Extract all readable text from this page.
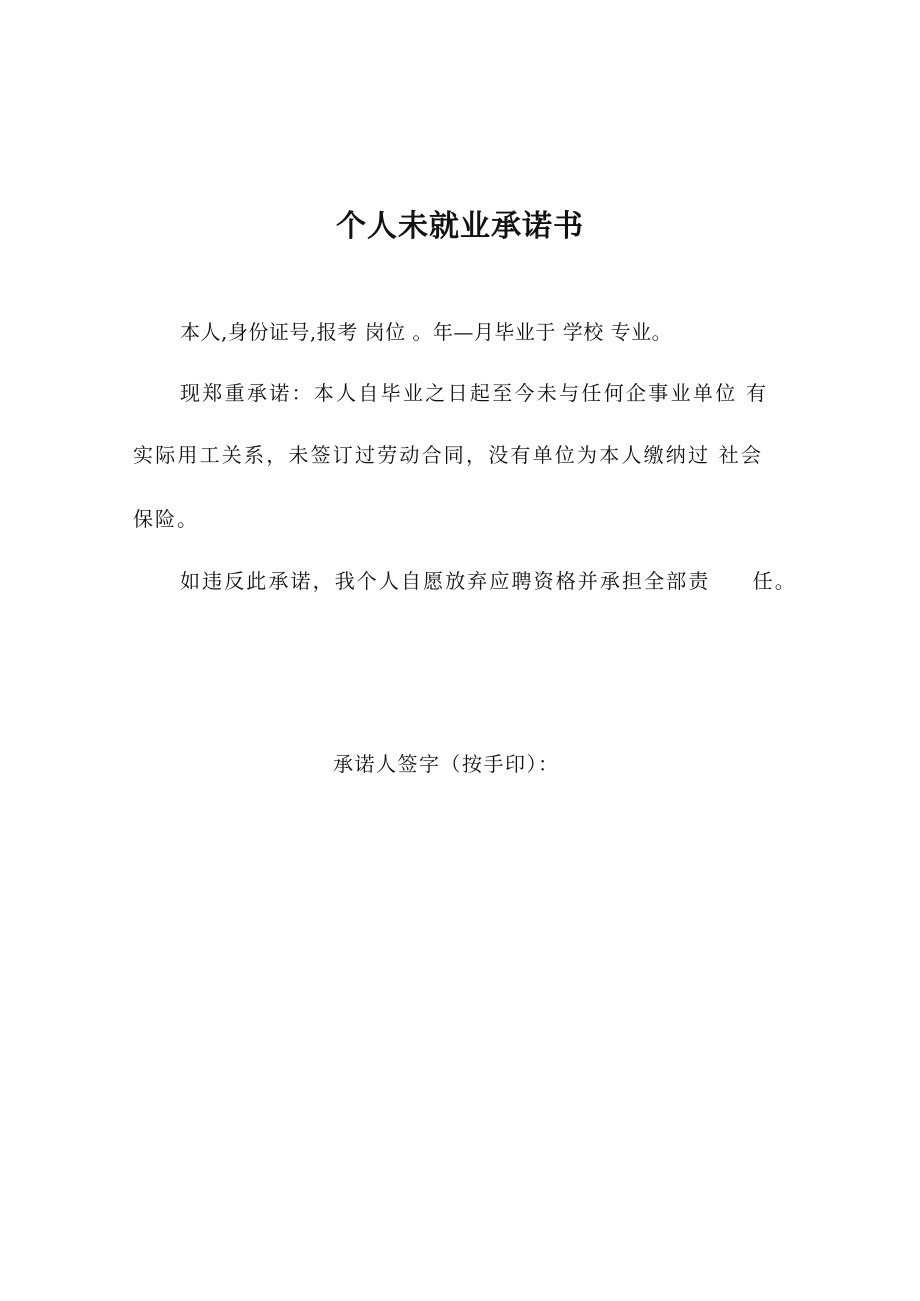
个人未就业承诺书

本人,身份证号,报考 岗位 。年—月毕业于 学校 专业。

现郑重承诺：本人自毕业之日起至今未与任何企事业单位 有

实际用工关系，未签订过劳动合同，没有单位为本人缴纳过 社会

保险。

如违反此承诺，我个人自愿放弃应聘资格并承担全部责     任。

承诺人签字（按手印）：
